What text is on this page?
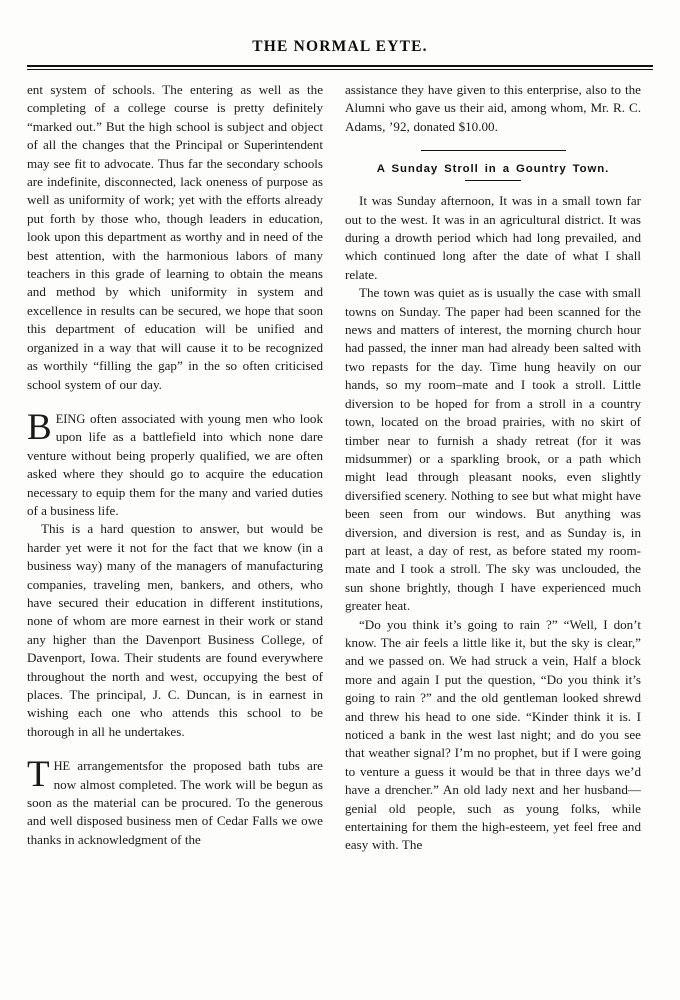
THE NORMAL EYTE.

ent system of schools. The entering as well as the completing of a college course is pretty definitely “marked out.” But the high school is subject and object of all the changes that the Principal or Superintendent may see fit to advocate. Thus far the secondary schools are indefinite, disconnected, lack oneness of purpose as well as uniformity of work; yet with the efforts already put forth by those who, though leaders in education, look upon this department as worthy and in need of the best attention, with the harmonious labors of many teachers in this grade of learning to obtain the means and method by which uniformity in system and excellence in results can be secured, we hope that soon this department of education will be unified and organized in a way that will cause it to be recognized as worthily “filling the gap” in the so often criticised school system of our day.

BEING often associated with young men who look upon life as a battlefield into which none dare venture without being properly qualified, we are often asked where they should go to acquire the education necessary to equip them for the many and varied duties of a business life.

This is a hard question to answer, but would be harder yet were it not for the fact that we know (in a business way) many of the managers of manufacturing companies, traveling men, bankers, and others, who have secured their education in different institutions, none of whom are more earnest in their work or stand any higher than the Davenport Business College, of Davenport, Iowa. Their students are found everywhere throughout the north and west, occupying the best of places. The principal, J. C. Duncan, is in earnest in wishing each one who attends this school to be thorough in all he undertakes.

THE arrangementsfor the proposed bath tubs are now almost completed. The work will be begun as soon as the material can be procured. To the generous and well disposed business men of Cedar Falls we owe thanks in acknowledgment of the

assistance they have given to this enterprise, also to the Alumni who gave us their aid, among whom, Mr. R. C. Adams, ’92, donated $10.00.

A Sunday Stroll in a Gountry Town.

It was Sunday afternoon, It was in a small town far out to the west. It was in an agricultural district. It was during a drowth period which had long prevailed, and which continued long after the date of what I shall relate.

The town was quiet as is usually the case with small towns on Sunday. The paper had been scanned for the news and matters of interest, the morning church hour had passed, the inner man had already been salted with two repasts for the day. Time hung heavily on our hands, so my room–mate and I took a stroll. Little diversion to be hoped for from a stroll in a country town, located on the broad prairies, with no skirt of timber near to furnish a shady retreat (for it was midsummer) or a sparkling brook, or a path which might lead through pleasant nooks, even slightly diversified scenery. Nothing to see but what might have been seen from our windows. But anything was diversion, and diversion is rest, and as Sunday is, in part at least, a day of rest, as before stated my room-mate and I took a stroll. The sky was unclouded, the sun shone brightly, though I have experienced much greater heat.

“Do you think it’s going to rain ?” “Well, I don’t know. The air feels a little like it, but the sky is clear,” and we passed on. We had struck a vein, Half a block more and again I put the question, “Do you think it’s going to rain ?” and the old gentleman looked shrewd and threw his head to one side. “Kinder think it is. I noticed a bank in the west last night; and do you see that weather signal? I’m no prophet, but if I were going to venture a guess it would be that in three days we’d have a drencher.” An old lady next and her husband—genial old people, such as young folks, while entertaining for them the high-esteem, yet feel free and easy with. The
